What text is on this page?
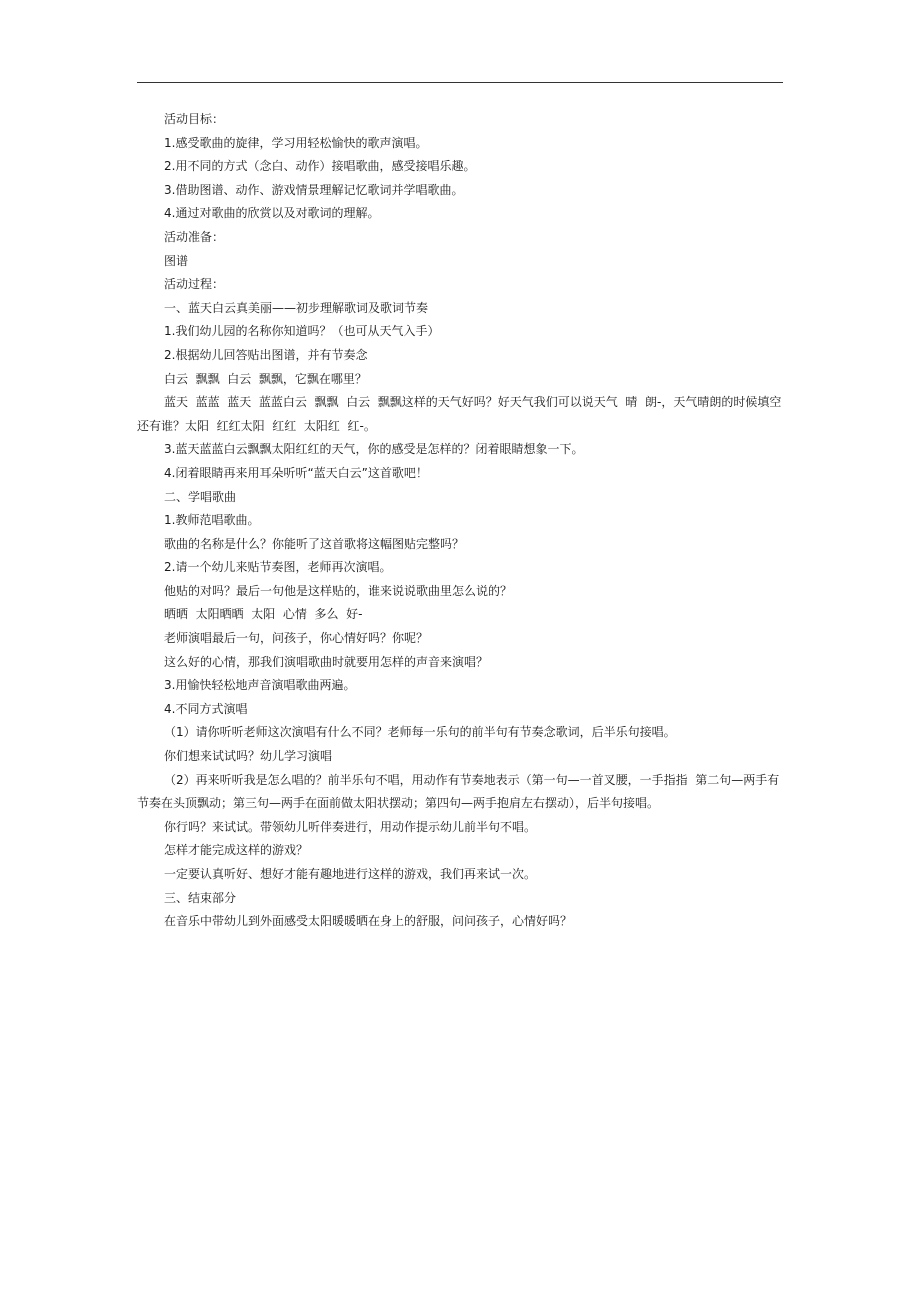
活动目标：

1.感受歌曲的旋律，学习用轻松愉快的歌声演唱。

2.用不同的方式（念白、动作）接唱歌曲，感受接唱乐趣。

3.借助图谱、动作、游戏情景理解记忆歌词并学唱歌曲。

4.通过对歌曲的欣赏以及对歌词的理解。

活动准备：

图谱

活动过程：

一、蓝天白云真美丽——初步理解歌词及歌词节奏

1.我们幼儿园的名称你知道吗？（也可从天气入手）

2.根据幼儿回答贴出图谱，并有节奏念

白云  飘飘  白云  飘飘，它飘在哪里？

蓝天  蓝蓝  蓝天  蓝蓝白云  飘飘  白云  飘飘这样的天气好吗？好天气我们可以说天气  晴  朗-，天气晴朗的时候填空还有谁？太阳  红红太阳  红红  太阳红  红-。

3.蓝天蓝蓝白云飘飘太阳红红的天气，你的感受是怎样的？闭着眼睛想象一下。

4.闭着眼睛再来用耳朵听听“蓝天白云”这首歌吧！

二、学唱歌曲

1.教师范唱歌曲。

歌曲的名称是什么？你能听了这首歌将这幅图贴完整吗？

2.请一个幼儿来贴节奏图，老师再次演唱。

他贴的对吗？最后一句他是这样贴的，谁来说说歌曲里怎么说的？

晒晒  太阳晒晒  太阳  心情  多么  好-

老师演唱最后一句，问孩子，你心情好吗？你呢？

这么好的心情，那我们演唱歌曲时就要用怎样的声音来演唱？

3.用愉快轻松地声音演唱歌曲两遍。

4.不同方式演唱

（1）请你听听老师这次演唱有什么不同？老师每一乐句的前半句有节奏念歌词，后半乐句接唱。

你们想来试试吗？幼儿学习演唱

（2）再来听听我是怎么唱的？前半乐句不唱，用动作有节奏地表示（第一句—一首叉腰，一手指指  第二句—两手有节奏在头顶飘动；第三句—两手在面前做太阳状摆动；第四句—两手抱肩左右摆动），后半句接唱。

你行吗？来试试。带领幼儿听伴奏进行，用动作提示幼儿前半句不唱。

怎样才能完成这样的游戏？

一定要认真听好、想好才能有趣地进行这样的游戏，我们再来试一次。

三、结束部分

在音乐中带幼儿到外面感受太阳暖暖晒在身上的舒服，问问孩子，心情好吗？
